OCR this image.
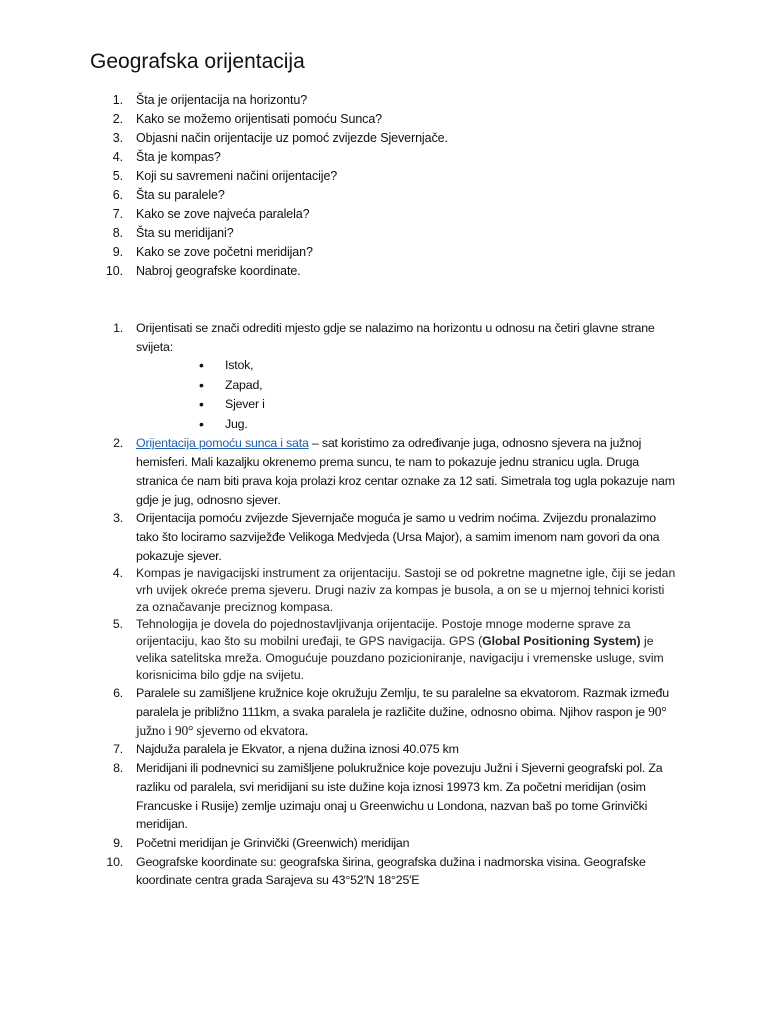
Geografska orijentacija
1. Šta je orijentacija na horizontu?
2. Kako se možemo orijentisati pomoću Sunca?
3. Objasni način orijentacije uz pomoć zvijezde Sjevernjače.
4. Šta je kompas?
5. Koji su savremeni načini orijentacije?
6. Šta su paralele?
7. Kako se zove najveća paralela?
8. Šta su meridijani?
9. Kako se zove početni meridijan?
10. Nabroj geografske koordinate.
1. Orijentisati se znači odrediti mjesto gdje se nalazimo na horizontu u odnosu na četiri glavne strane svijeta:
• Istok,
• Zapad,
• Sjever i
• Jug.
2. Orijentacija pomoću sunca i sata – sat koristimo za određivanje juga, odnosno sjevera na južnoj hemisferi. Mali kazaljku okrenemo prema suncu, te nam to pokazuje jednu stranicu ugla. Druga stranica će nam biti prava koja prolazi kroz centar oznake za 12 sati. Simetrala tog ugla pokazuje nam gdje je jug, odnosno sjever.
3. Orijentacija pomoću zvijezde Sjevernjače moguća je samo u vedrim noćima. Zvijezdu pronalazimo tako što lociramo sazviježđe Velikoga Medvjeda (Ursa Major), a samim imenom nam govori da ona pokazuje sjever.
4. Kompas je navigacijski instrument za orijentaciju. Sastoji se od pokretne magnetne igle, čiji se jedan vrh uvijek okreće prema sjeveru. Drugi naziv za kompas je busola, a on se u mjernoj tehnici koristi za označavanje preciznog kompasa.
5. Tehnologija je dovela do pojednostavljivanja orijentacije. Postoje mnoge moderne sprave za orijentaciju, kao što su mobilni uređaji, te GPS navigacija. GPS (Global Positioning System) je velika satelitska mreža. Omogućuje pouzdano pozicioniranje, navigaciju i vremenske usluge, svim korisnicima bilo gdje na svijetu.
6. Paralele su zamišljene kružnice koje okružuju Zemlju, te su paralelne sa ekvatorom. Razmak između paralela je približno 111km, a svaka paralela je različite dužine, odnosno obima. Njihov raspon je 90° južno i 90° sjeverno od ekvatora.
7. Najduža paralela je Ekvator, a njena dužina iznosi 40.075 km
8. Meridijani ili podnevnici su zamišljene polukružnice koje povezuju Južni i Sjeverni geografski pol. Za razliku od paralela, svi meridijani su iste dužine koja iznosi 19973 km. Za početni meridijan (osim Francuske i Rusije) zemlje uzimaju onaj u Greenwichu u Londona, nazvan baš po tome Grinvički meridijan.
9. Početni meridijan je Grinvički (Greenwich) meridijan
10. Geografske koordinate su: geografska širina, geografska dužina i nadmorska visina. Geografske koordinate centra grada Sarajeva su 43°52′N 18°25′E
